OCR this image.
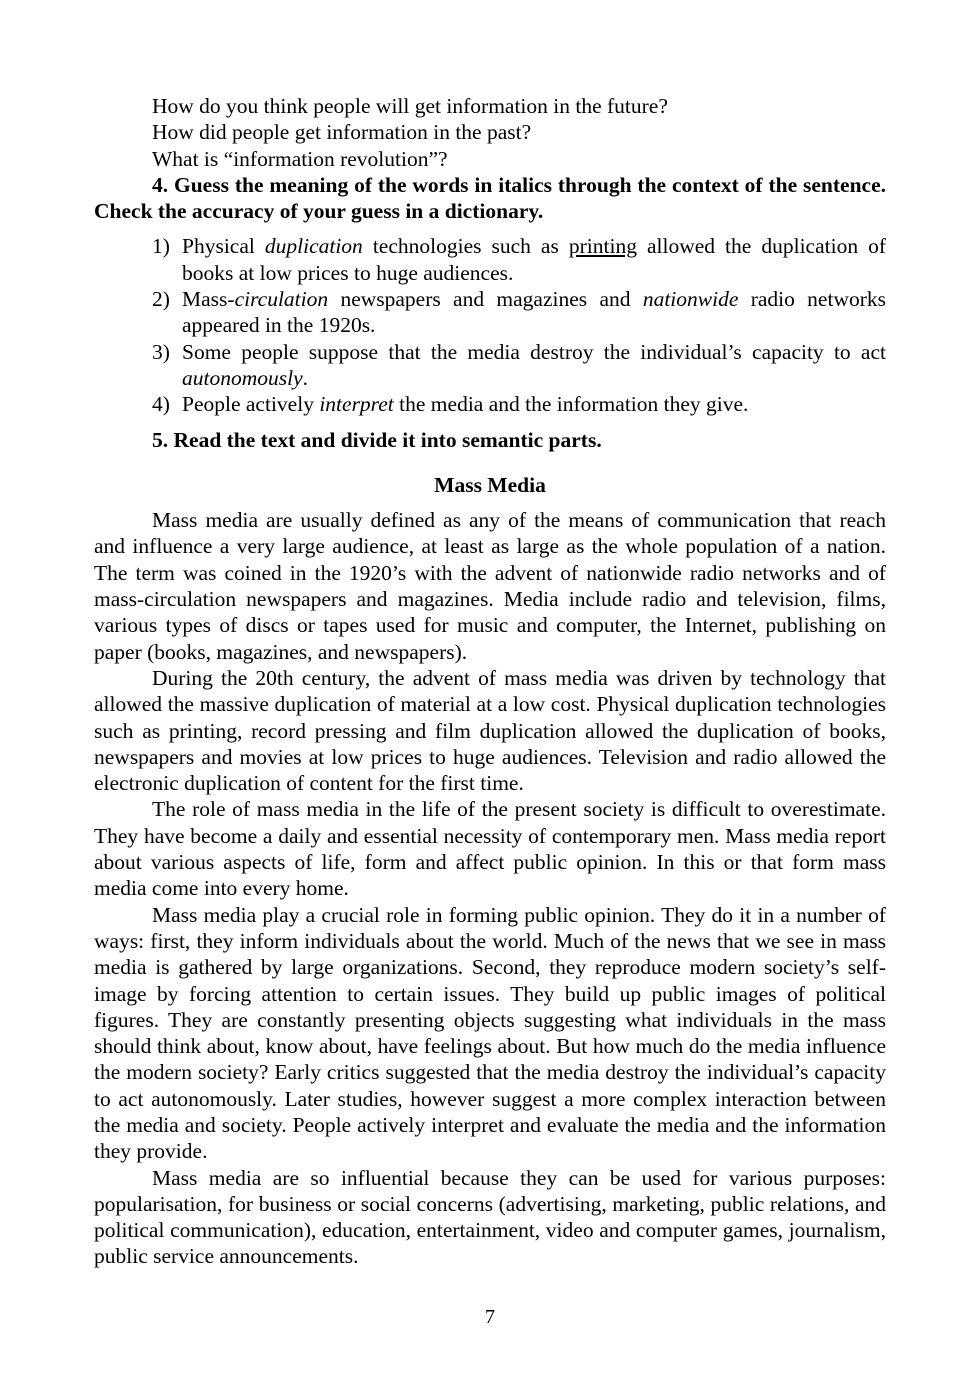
How do you think people will get information in the future?

How did people get information in the past?

What is “information revolution”?

4. Guess the meaning of the words in italics through the context of the sentence. Check the accuracy of your guess in a dictionary.

1) Physical duplication technologies such as printing allowed the duplication of books at low prices to huge audiences.
2) Mass-circulation newspapers and magazines and nationwide radio networks appeared in the 1920s.
3) Some people suppose that the media destroy the individual’s capacity to act autonomously.
4) People actively interpret the media and the information they give.

5. Read the text and divide it into semantic parts.

Mass Media

Mass media are usually defined as any of the means of communication that reach and influence a very large audience, at least as large as the whole population of a nation. The term was coined in the 1920’s with the advent of nationwide radio networks and of mass-circulation newspapers and magazines. Media include radio and television, films, various types of discs or tapes used for music and computer, the Internet, publishing on paper (books, magazines, and newspapers).

During the 20th century, the advent of mass media was driven by technology that allowed the massive duplication of material at a low cost. Physical duplication technologies such as printing, record pressing and film duplication allowed the duplication of books, newspapers and movies at low prices to huge audiences. Television and radio allowed the electronic duplication of content for the first time.

The role of mass media in the life of the present society is difficult to overestimate. They have become a daily and essential necessity of contemporary men. Mass media report about various aspects of life, form and affect public opinion. In this or that form mass media come into every home.

Mass media play a crucial role in forming public opinion. They do it in a number of ways: first, they inform individuals about the world. Much of the news that we see in mass media is gathered by large organizations. Second, they reproduce modern society’s self-image by forcing attention to certain issues. They build up public images of political figures. They are constantly presenting objects suggesting what individuals in the mass should think about, know about, have feelings about. But how much do the media influence the modern society? Early critics suggested that the media destroy the individual’s capacity to act autonomously. Later studies, however suggest a more complex interaction between the media and society. People actively interpret and evaluate the media and the information they provide.

Mass media are so influential because they can be used for various purposes: popularisation, for business or social concerns (advertising, marketing, public relations, and political communication), education, entertainment, video and computer games, journalism, public service announcements.

7
